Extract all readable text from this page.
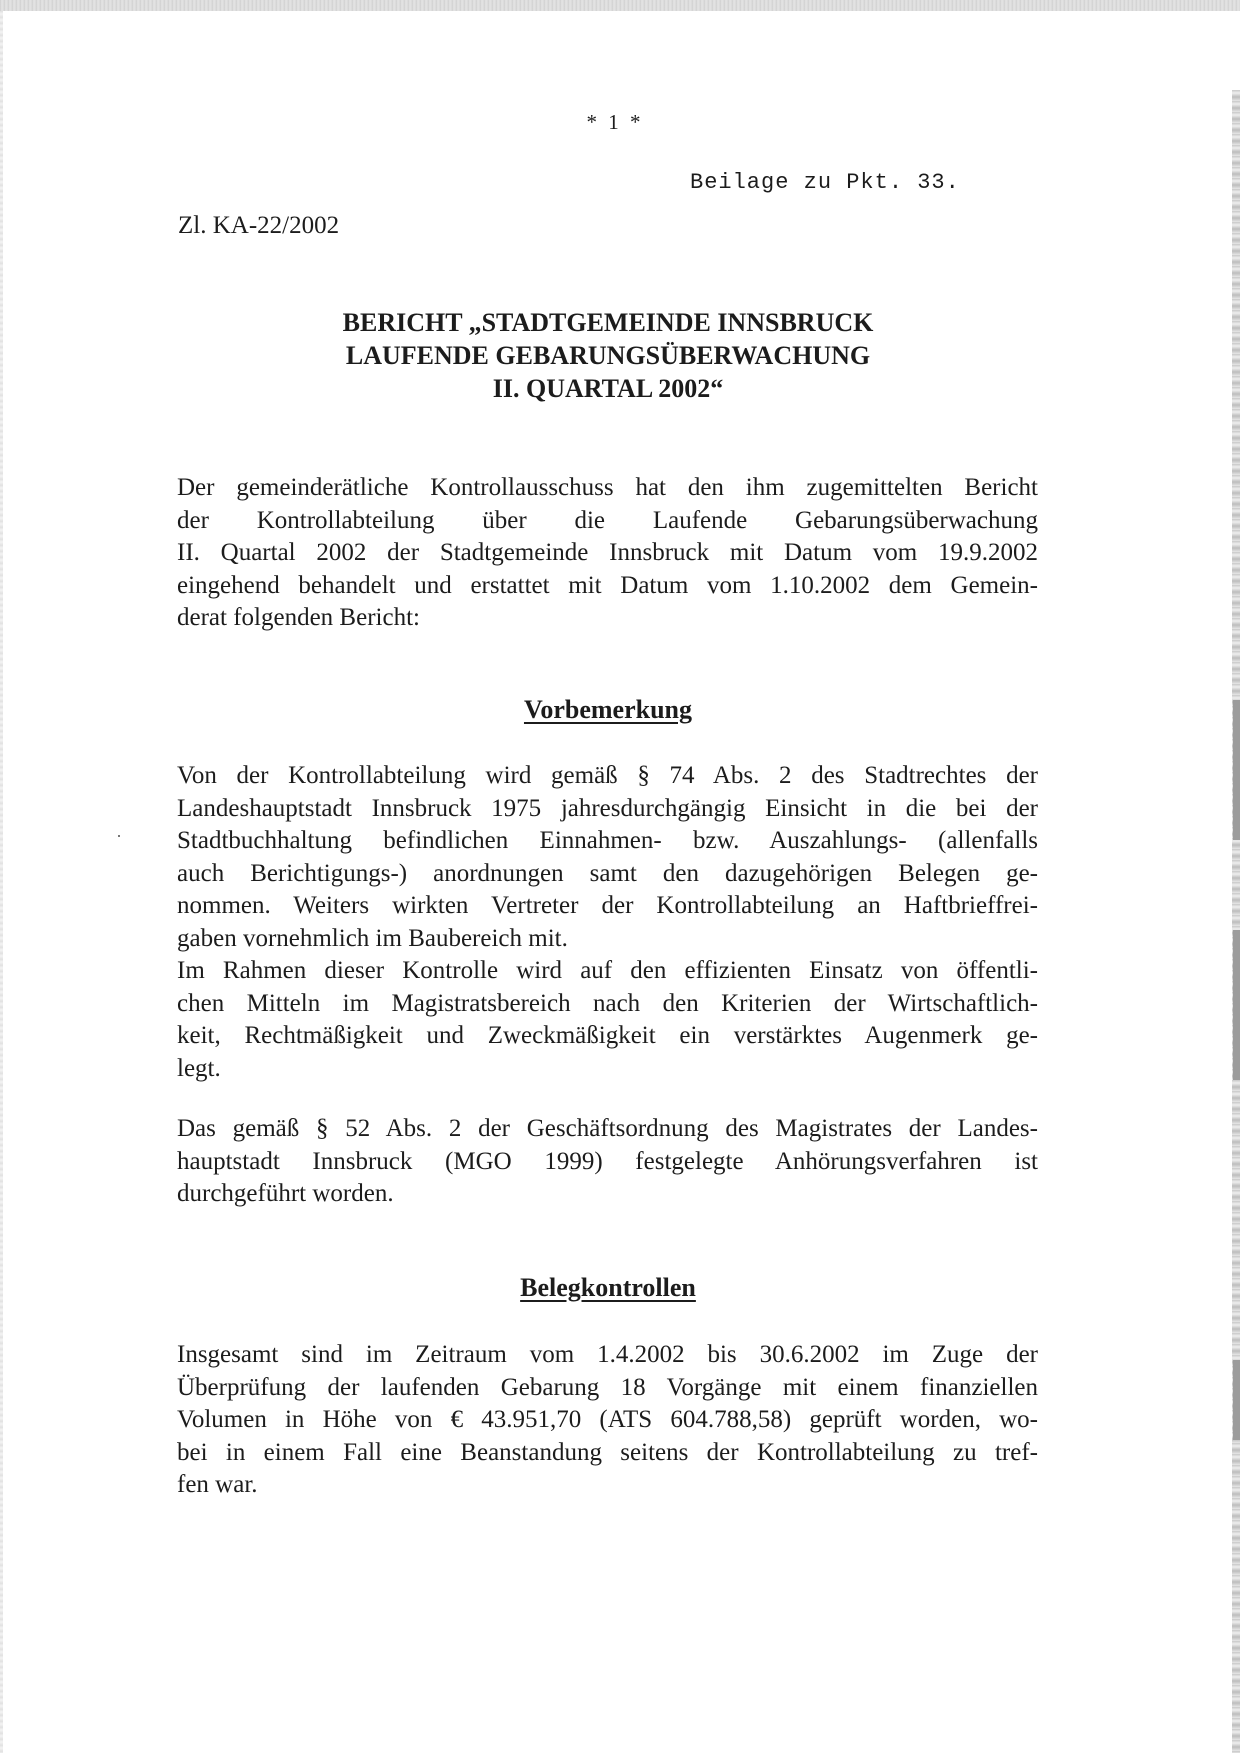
* 1 *
Beilage zu Pkt. 33.
Zl. KA-22/2002
BERICHT „STADTGEMEINDE INNSBRUCK
LAUFENDE GEBARUNGSÜBERWACHUNG
II. QUARTAL 2002“
Der gemeinderätliche Kontrollausschuss hat den ihm zugemittelten Bericht
der Kontrollabteilung über die Laufende Gebarungsüberwachung
II. Quartal 2002 der Stadtgemeinde Innsbruck mit Datum vom 19.9.2002
eingehend behandelt und erstattet mit Datum vom 1.10.2002 dem Gemein-
derat folgenden Bericht:
Vorbemerkung
Von der Kontrollabteilung wird gemäß § 74 Abs. 2 des Stadtrechtes der
Landeshauptstadt Innsbruck 1975 jahresdurchgängig Einsicht in die bei der
Stadtbuchhaltung befindlichen Einnahmen- bzw. Auszahlungs- (allenfalls
auch Berichtigungs-) anordnungen samt den dazugehörigen Belegen ge-
nommen. Weiters wirkten Vertreter der Kontrollabteilung an Haftbrieffrei-
gaben vornehmlich im Baubereich mit.
Im Rahmen dieser Kontrolle wird auf den effizienten Einsatz von öffentli-
chen Mitteln im Magistratsbereich nach den Kriterien der Wirtschaftlich-
keit, Rechtmäßigkeit und Zweckmäßigkeit ein verstärktes Augenmerk ge-
legt.
Das gemäß § 52 Abs. 2 der Geschäftsordnung des Magistrates der Landes-
hauptstadt Innsbruck (MGO 1999) festgelegte Anhörungsverfahren ist
durchgeführt worden.
Belegkontrollen
Insgesamt sind im Zeitraum vom 1.4.2002 bis 30.6.2002 im Zuge der
Überprüfung der laufenden Gebarung 18 Vorgänge mit einem finanziellen
Volumen in Höhe von € 43.951,70 (ATS 604.788,58) geprüft worden, wo-
bei in einem Fall eine Beanstandung seitens der Kontrollabteilung zu tref-
fen war.
